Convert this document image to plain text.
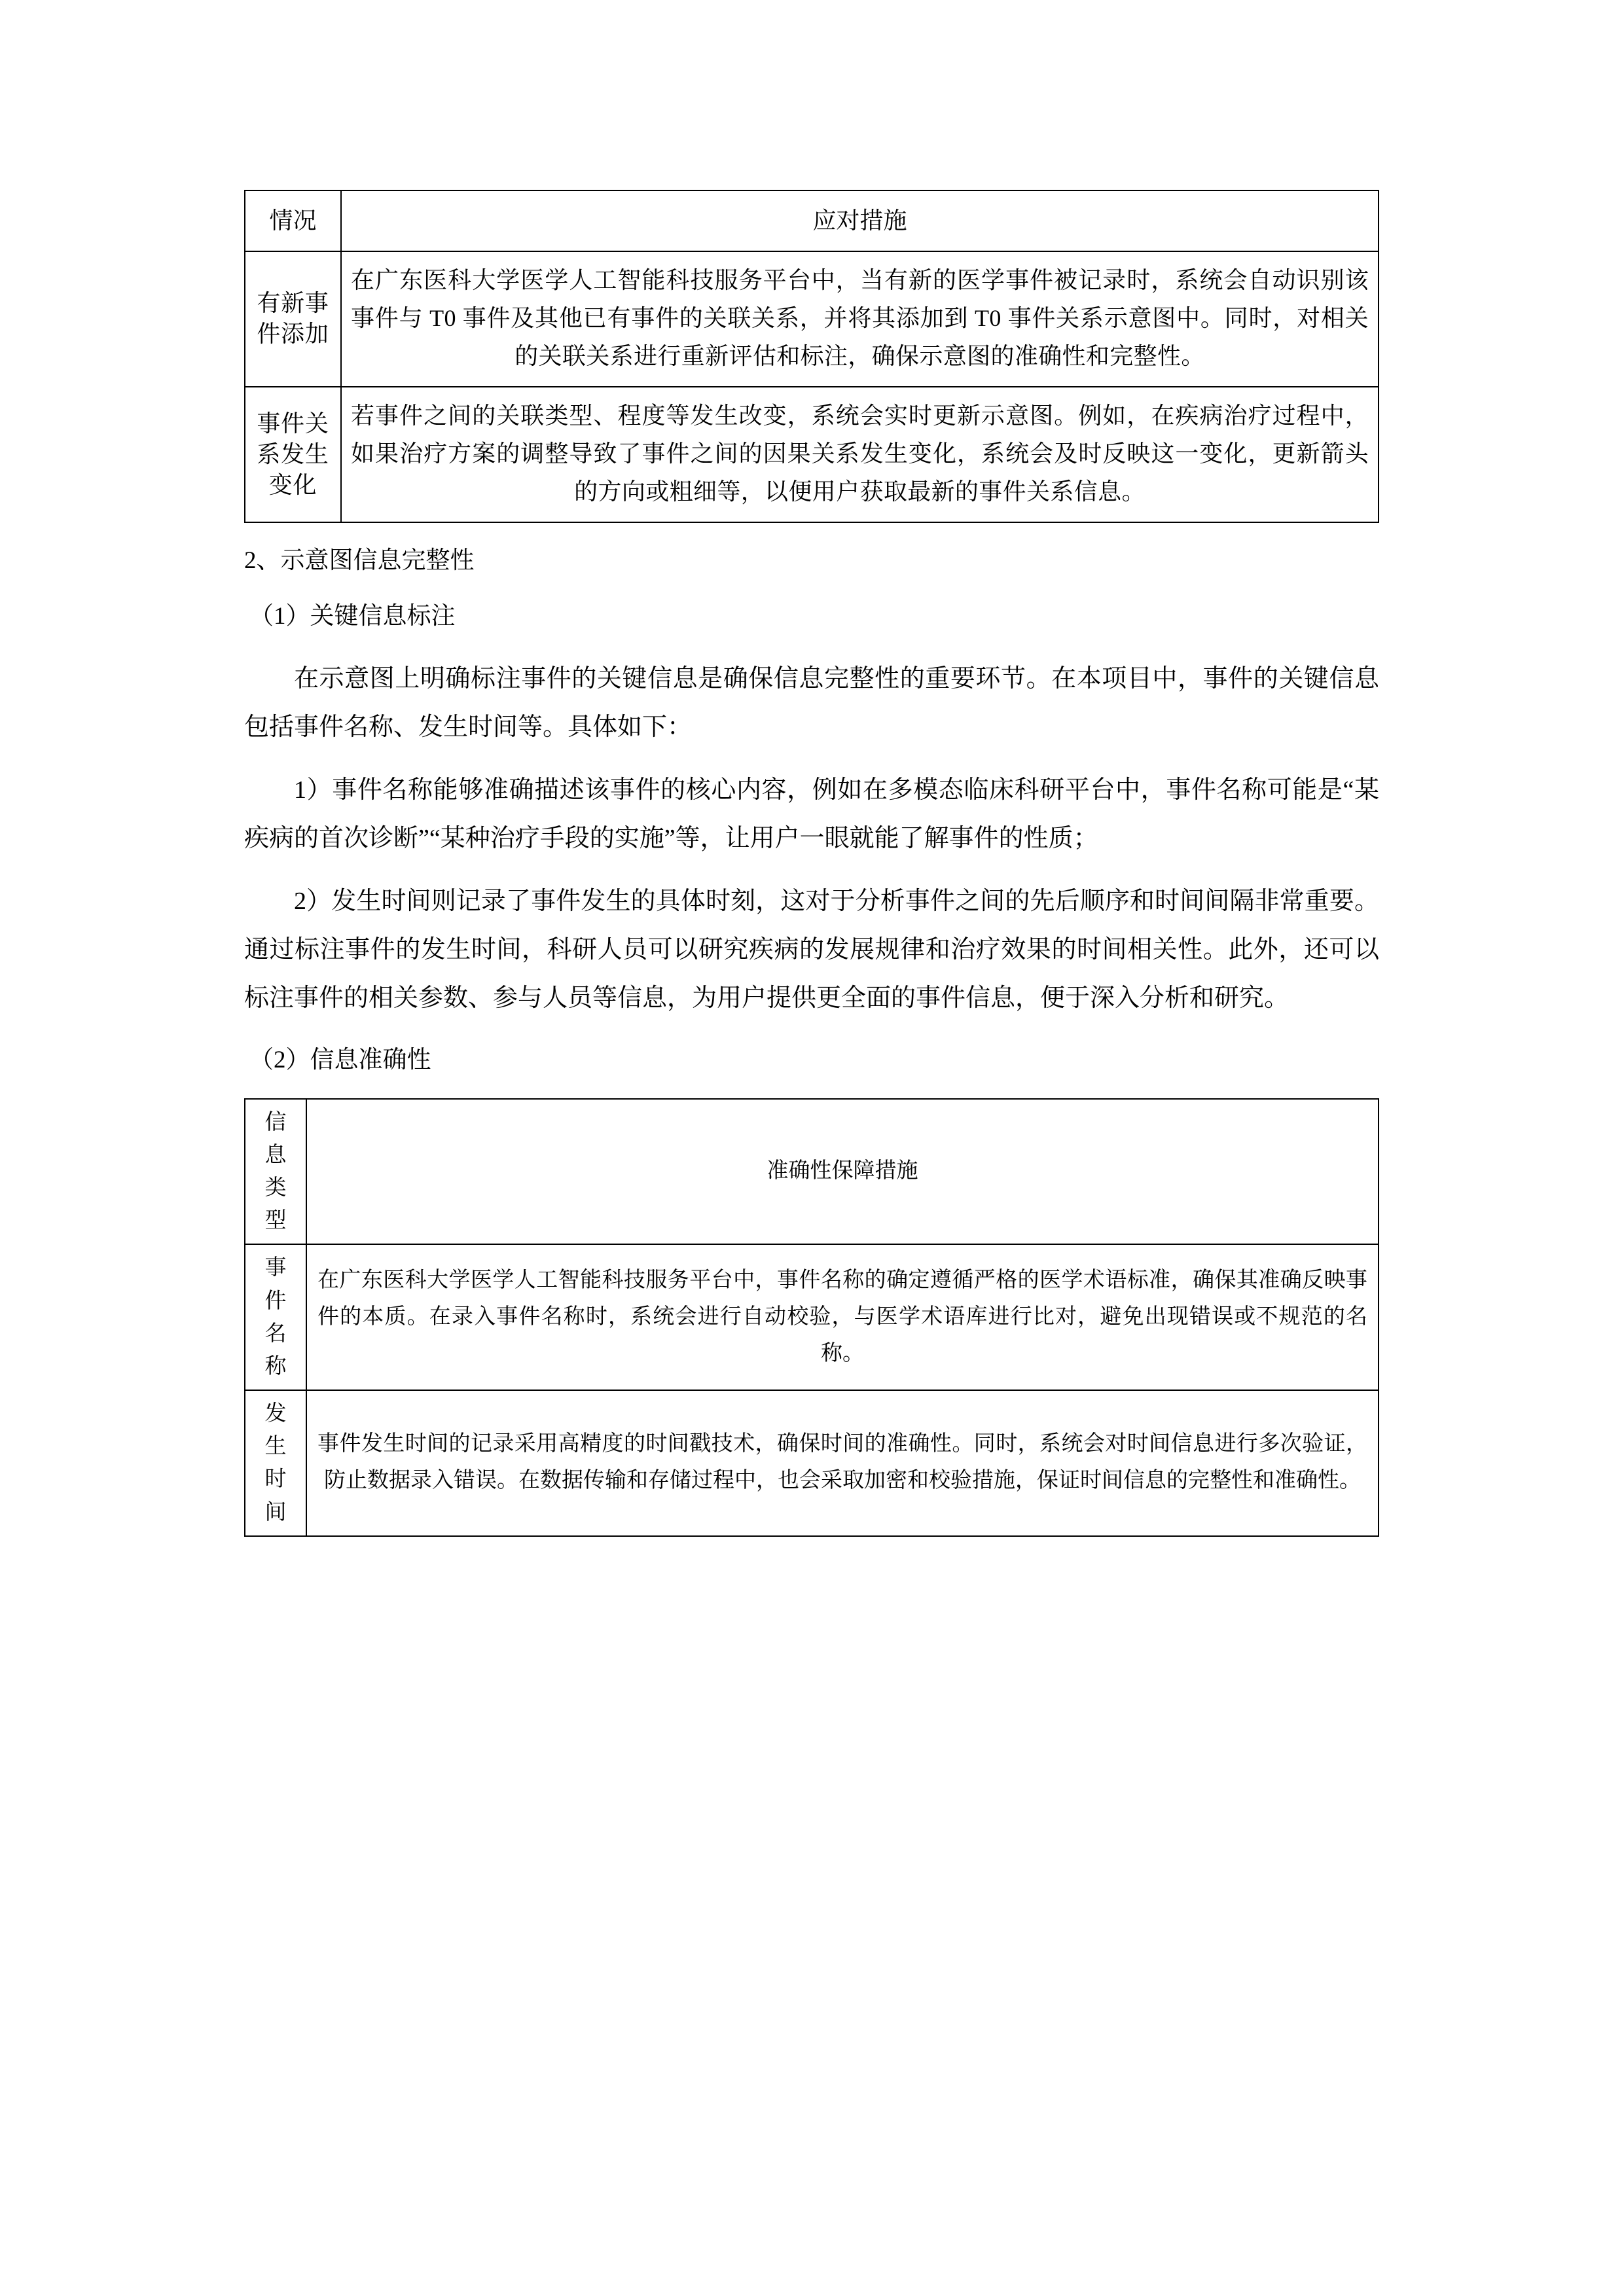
情况	应对措施
有新事件添加	在广东医科大学医学人工智能科技服务平台中，当有新的医学事件被记录时，系统会自动识别该事件与 T0 事件及其他已有事件的关联关系，并将其添加到 T0 事件关系示意图中。同时，对相关的关联关系进行重新评估和标注，确保示意图的准确性和完整性。
事件关系发生变化	若事件之间的关联类型、程度等发生改变，系统会实时更新示意图。例如，在疾病治疗过程中，如果治疗方案的调整导致了事件之间的因果关系发生变化，系统会及时反映这一变化，更新箭头的方向或粗细等，以便用户获取最新的事件关系信息。
2、示意图信息完整性
（1）关键信息标注

在示意图上明确标注事件的关键信息是确保信息完整性的重要环节。在本项目中，事件的关键信息包括事件名称、发生时间等。具体如下：

1）事件名称能够准确描述该事件的核心内容，例如在多模态临床科研平台中，事件名称可能是“某疾病的首次诊断”“某种治疗手段的实施”等，让用户一眼就能了解事件的性质；

2）发生时间则记录了事件发生的具体时刻，这对于分析事件之间的先后顺序和时间间隔非常重要。通过标注事件的发生时间，科研人员可以研究疾病的发展规律和治疗效果的时间相关性。此外，还可以标注事件的相关参数、参与人员等信息，为用户提供更全面的事件信息，便于深入分析和研究。

（2）信息准确性
信
息
类
型	准确性保障措施

事
件
名
称	在广东医科大学医学人工智能科技服务平台中，事件名称的确定遵循严格的医学术语标准，确保其准确反映事件的本质。在录入事件名称时，系统会进行自动校验，与医学术语库进行比对，避免出现错误或不规范的名称。

发
生
时
间	事件发生时间的记录采用高精度的时间戳技术，确保时间的准确性。同时，系统会对时间信息进行多次验证，防止数据录入错误。在数据传输和存储过程中，也会采取加密和校验措施，保证时间信息的完整性和准确性。
